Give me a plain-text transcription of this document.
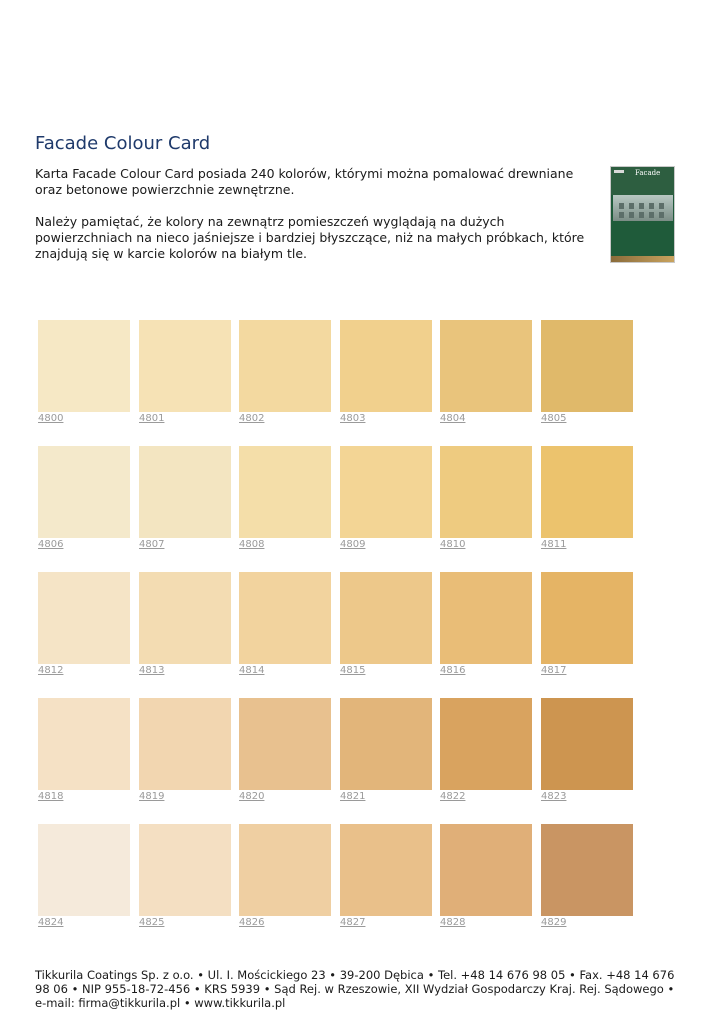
Facade Colour Card

Karta Facade Colour Card posiada 240 kolorów, którymi można pomalować drewniane oraz betonowe powierzchnie zewnętrzne.

Należy pamiętać, że kolory na zewnątrz pomieszczeń wyglądają na dużych powierzchniach na nieco jaśniejsze i bardziej błyszczące, niż na małych próbkach, które znajdują się w karcie kolorów na białym tle.

Facade
4800	4801	4802	4803	4804	4805
4806	4807	4808	4809	4810	4811
4812	4813	4814	4815	4816	4817
4818	4819	4820	4821	4822	4823
4824	4825	4826	4827	4828	4829
Tikkurila Coatings Sp. z o.o. • Ul. I. Mościckiego 23 • 39-200 Dębica • Tel. +48 14 676 98 05 • Fax. +48 14 676 98 06 • NIP 955-18-72-456 • KRS 5939 • Sąd Rej. w Rzeszowie, XII Wydział Gospodarczy Kraj. Rej. Sądowego • e-mail: firma@tikkurila.pl • www.tikkurila.pl
